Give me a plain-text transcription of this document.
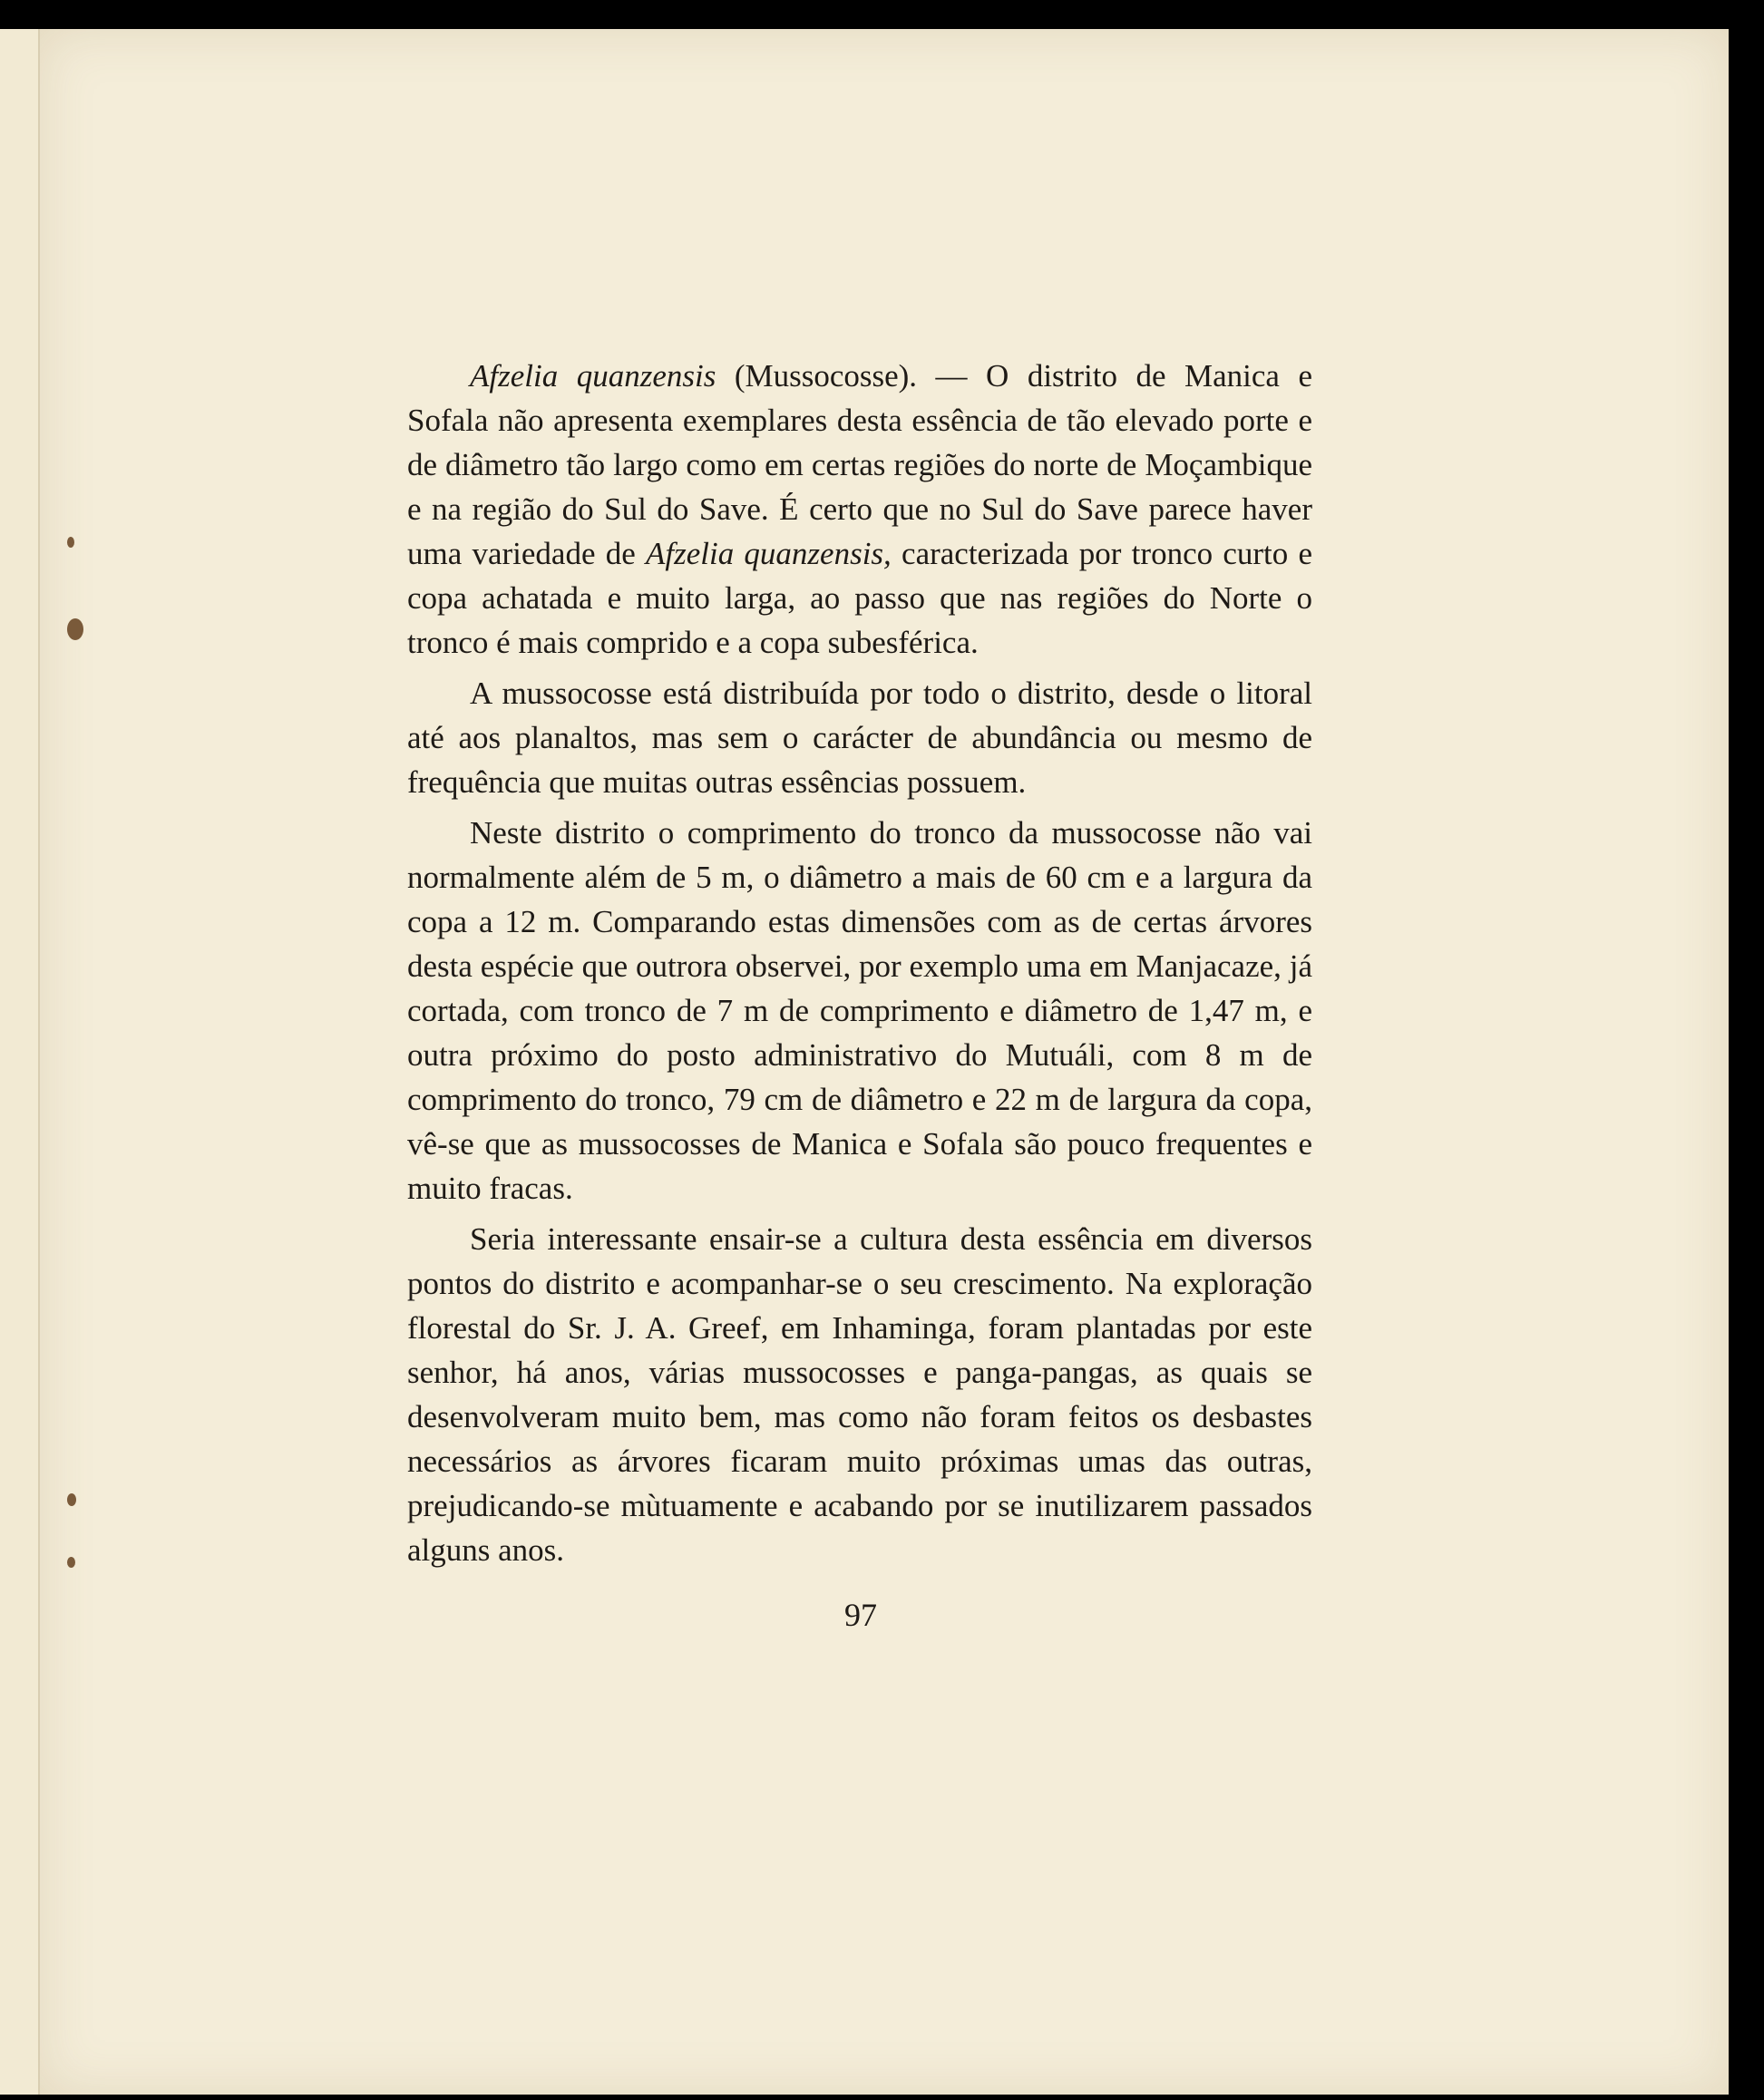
Afzelia quanzensis (Mussocosse). — O distrito de Manica e Sofala não apresenta exemplares desta essência de tão elevado porte e de diâmetro tão largo como em certas regiões do norte de Moçambique e na região do Sul do Save. É certo que no Sul do Save parece haver uma variedade de Afzelia quanzensis, caracterizada por tronco curto e copa achatada e muito larga, ao passo que nas regiões do Norte o tronco é mais comprido e a copa subesférica.

A mussocosse está distribuída por todo o distrito, desde o litoral até aos planaltos, mas sem o carácter de abundância ou mesmo de frequência que muitas outras essências possuem.

Neste distrito o comprimento do tronco da mussocosse não vai normalmente além de 5 m, o diâmetro a mais de 60 cm e a largura da copa a 12 m. Comparando estas dimensões com as de certas árvores desta espécie que outrora observei, por exemplo uma em Manjacaze, já cortada, com tronco de 7 m de comprimento e diâmetro de 1,47 m, e outra próximo do posto administrativo do Mutuáli, com 8 m de comprimento do tronco, 79 cm de diâmetro e 22 m de largura da copa, vê-se que as mussocosses de Manica e Sofala são pouco frequentes e muito fracas.

Seria interessante ensair-se a cultura desta essência em diversos pontos do distrito e acompanhar-se o seu crescimento. Na exploração florestal do Sr. J. A. Greef, em Inhaminga, foram plantadas por este senhor, há anos, várias mussocosses e panga-pangas, as quais se desenvolveram muito bem, mas como não foram feitos os desbastes necessários as árvores ficaram muito próximas umas das outras, prejudicando-se mùtuamente e acabando por se inutilizarem passados alguns anos.

97
